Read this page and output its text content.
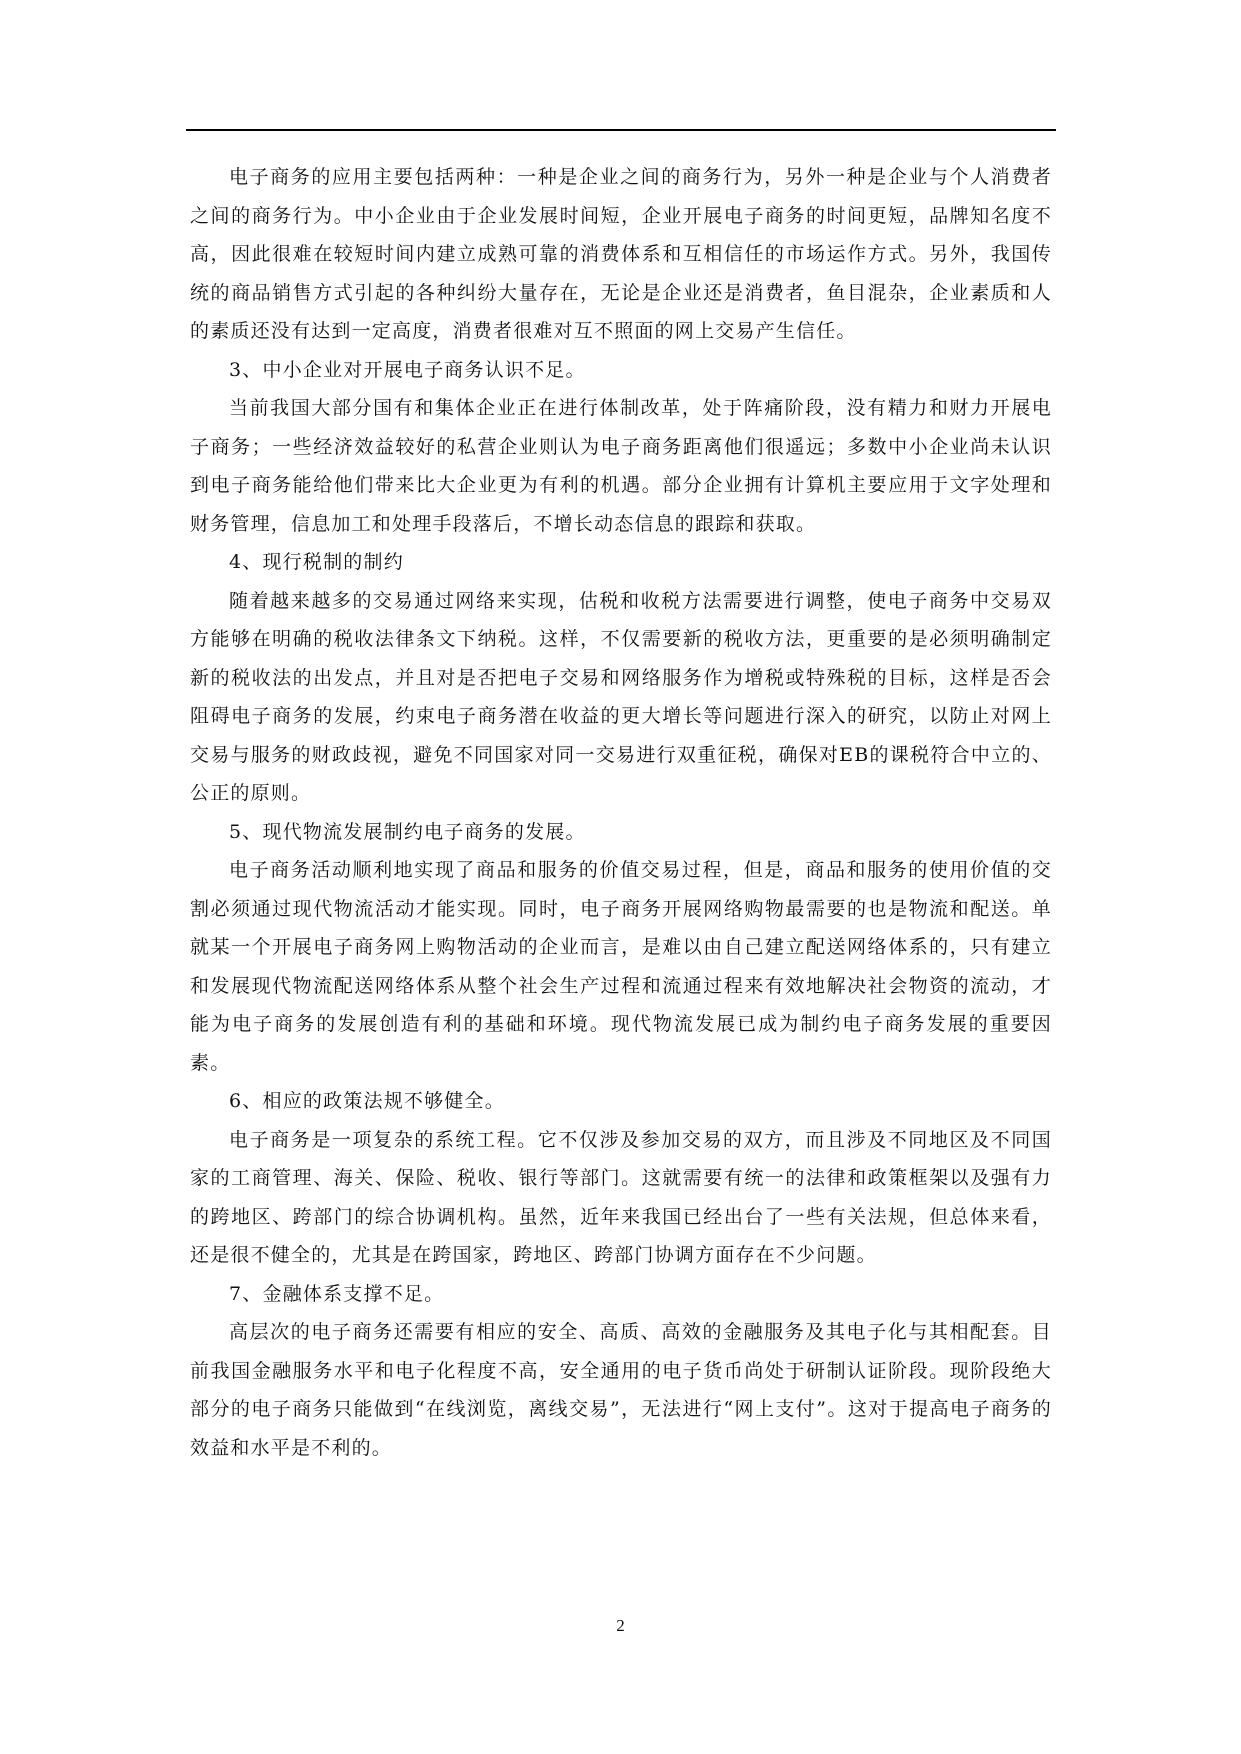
电子商务的应用主要包括两种：一种是企业之间的商务行为，另外一种是企业与个人消费者之间的商务行为。中小企业由于企业发展时间短，企业开展电子商务的时间更短，品牌知名度不高，因此很难在较短时间内建立成熟可靠的消费体系和互相信任的市场运作方式。另外，我国传统的商品销售方式引起的各种纠纷大量存在，无论是企业还是消费者，鱼目混杂，企业素质和人的素质还没有达到一定高度，消费者很难对互不照面的网上交易产生信任。

3、中小企业对开展电子商务认识不足。

当前我国大部分国有和集体企业正在进行体制改革，处于阵痛阶段，没有精力和财力开展电子商务；一些经济效益较好的私营企业则认为电子商务距离他们很遥远；多数中小企业尚未认识到电子商务能给他们带来比大企业更为有利的机遇。部分企业拥有计算机主要应用于文字处理和财务管理，信息加工和处理手段落后，不增长动态信息的跟踪和获取。

4、现行税制的制约

随着越来越多的交易通过网络来实现，估税和收税方法需要进行调整，使电子商务中交易双方能够在明确的税收法律条文下纳税。这样，不仅需要新的税收方法，更重要的是必须明确制定新的税收法的出发点，并且对是否把电子交易和网络服务作为增税或特殊税的目标，这样是否会阻碍电子商务的发展，约束电子商务潜在收益的更大增长等问题进行深入的研究，以防止对网上交易与服务的财政歧视，避免不同国家对同一交易进行双重征税，确保对EB的课税符合中立的、公正的原则。

5、现代物流发展制约电子商务的发展。

电子商务活动顺利地实现了商品和服务的价值交易过程，但是，商品和服务的使用价值的交割必须通过现代物流活动才能实现。同时，电子商务开展网络购物最需要的也是物流和配送。单就某一个开展电子商务网上购物活动的企业而言，是难以由自己建立配送网络体系的，只有建立和发展现代物流配送网络体系从整个社会生产过程和流通过程来有效地解决社会物资的流动，才能为电子商务的发展创造有利的基础和环境。现代物流发展已成为制约电子商务发展的重要因素。

6、相应的政策法规不够健全。

电子商务是一项复杂的系统工程。它不仅涉及参加交易的双方，而且涉及不同地区及不同国家的工商管理、海关、保险、税收、银行等部门。这就需要有统一的法律和政策框架以及强有力的跨地区、跨部门的综合协调机构。虽然，近年来我国已经出台了一些有关法规，但总体来看，还是很不健全的，尤其是在跨国家，跨地区、跨部门协调方面存在不少问题。

7、金融体系支撑不足。

高层次的电子商务还需要有相应的安全、高质、高效的金融服务及其电子化与其相配套。目前我国金融服务水平和电子化程度不高，安全通用的电子货币尚处于研制认证阶段。现阶段绝大部分的电子商务只能做到“在线浏览，离线交易”，无法进行“网上支付”。这对于提高电子商务的效益和水平是不利的。

2
